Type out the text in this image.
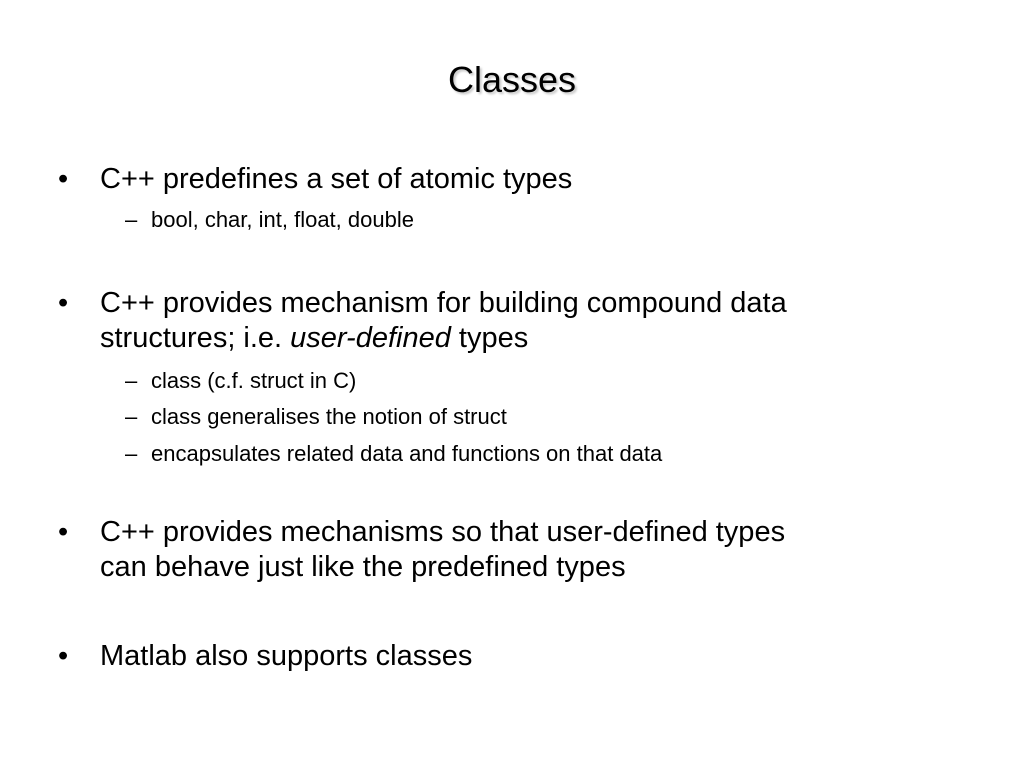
Classes
•	C++ predefines a set of atomic types
– bool, char, int, float, double
•	C++ provides mechanism for building compound data
structures; i.e. user-defined types
– class (c.f. struct in C)
– class generalises the notion of struct
– encapsulates related data and functions on that data
•	C++ provides mechanisms so that user-defined types
can behave just like the predefined types
•	Matlab also supports classes
